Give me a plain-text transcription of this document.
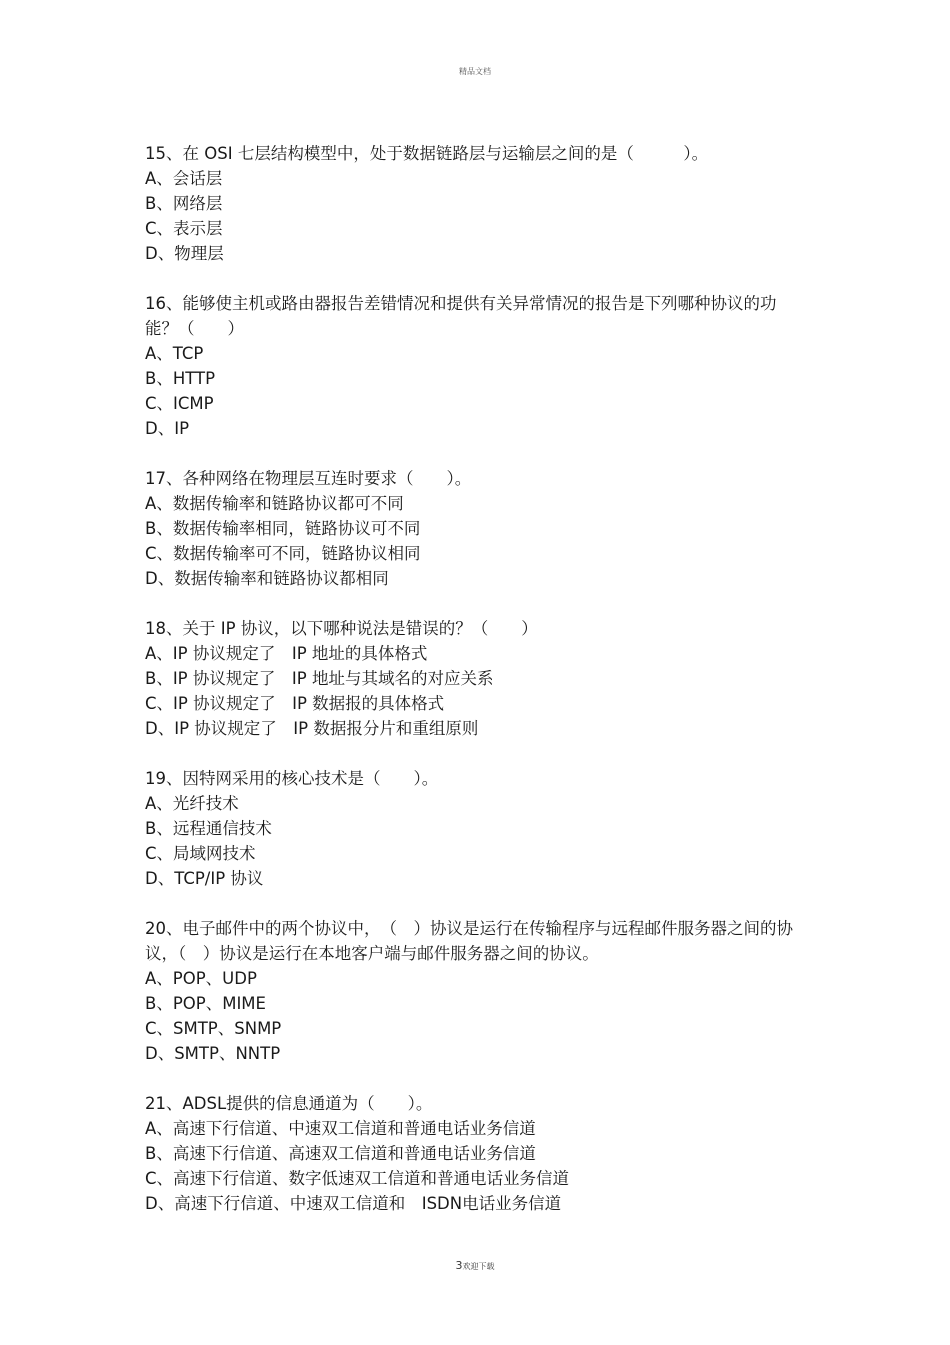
精品文档

15、在 OSI 七层结构模型中，处于数据链路层与运输层之间的是（　　　）。

A、会话层

B、网络层

C、表示层

D、物理层

16、能够使主机或路由器报告差错情况和提供有关异常情况的报告是下列哪种协议的功能？（　　）

A、TCP

B、HTTP

C、ICMP

D、IP

17、各种网络在物理层互连时要求（　　）。

A、数据传输率和链路协议都可不同

B、数据传输率相同，链路协议可不同

C、数据传输率可不同，链路协议相同

D、数据传输率和链路协议都相同

18、关于 IP 协议，以下哪种说法是错误的？（　　）

A、IP 协议规定了　IP 地址的具体格式

B、IP 协议规定了　IP 地址与其域名的对应关系

C、IP 协议规定了　IP 数据报的具体格式

D、IP 协议规定了　IP 数据报分片和重组原则

19、因特网采用的核心技术是（　　）。

A、光纤技术

B、远程通信技术

C、局域网技术

D、TCP/IP 协议

20、电子邮件中的两个协议中，　（　）协议是运行在传输程序与远程邮件服务器之间的协议，（　）协议是运行在本地客户端与邮件服务器之间的协议。

A、POP、UDP

B、POP、MIME

C、SMTP、SNMP

D、SMTP、NNTP

21、ADSL提供的信息通道为（　　）。

A、高速下行信道、中速双工信道和普通电话业务信道

B、高速下行信道、高速双工信道和普通电话业务信道

C、高速下行信道、数字低速双工信道和普通电话业务信道

D、高速下行信道、中速双工信道和　ISDN电话业务信道

3欢迎下载
